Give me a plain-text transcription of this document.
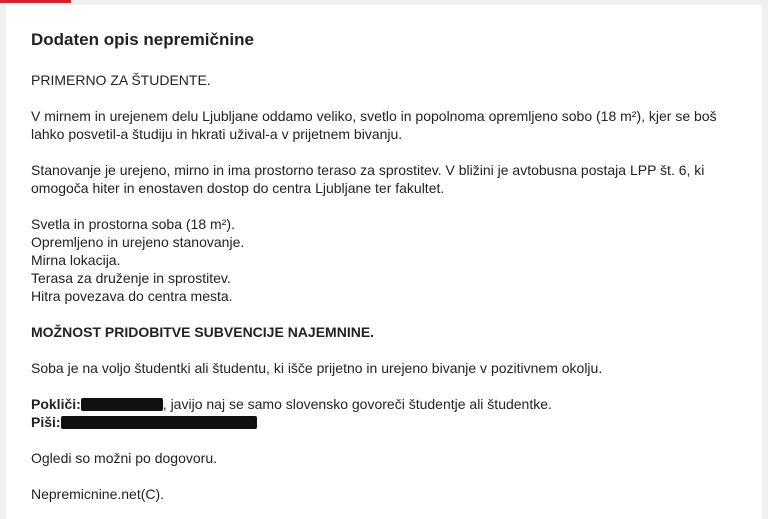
Dodaten opis nepremičnine

PRIMERNO ZA ŠTUDENTE.

V mirnem in urejenem delu Ljubljane oddamo veliko, svetlo in popolnoma opremljeno sobo (18 m²), kjer se boš lahko posvetil-a študiju in hkrati užival-a v prijetnem bivanju.

Stanovanje je urejeno, mirno in ima prostorno teraso za sprostitev. V bližini je avtobusna postaja LPP št. 6, ki omogoča hiter in enostaven dostop do centra Ljubljane ter fakultet.

Svetla in prostorna soba (18 m²).
Opremljeno in urejeno stanovanje.
Mirna lokacija.
Terasa za druženje in sprostitev.
Hitra povezava do centra mesta.

MOŽNOST PRIDOBITVE SUBVENCIJE NAJEMNINE.

Soba je na voljo študentki ali študentu, ki išče prijetno in urejeno bivanje v pozitivnem okolju.

Pokliči:	, javijo naj se samo slovensko govoreči študentje ali študentke.
Piši:

Ogledi so možni po dogovoru.

Nepremicnine.net(C).
